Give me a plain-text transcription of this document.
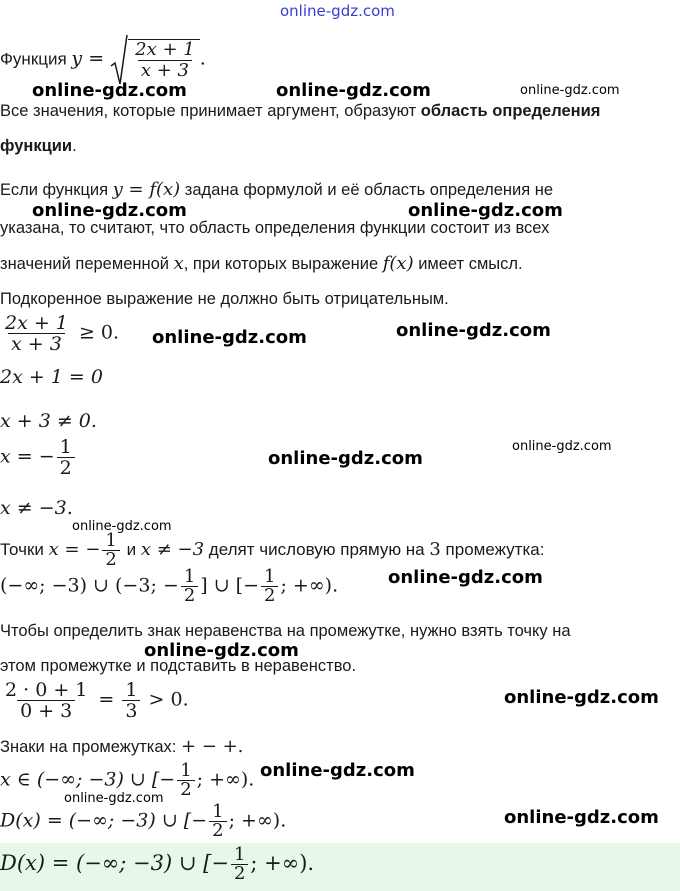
online-gdz.com
Функция $y = \frac{2x + 1}{x + 3}$ .
Все значения, которые принимает аргумент, образуют область определения
функции.
Если функция y = f(x) задана формулой и её область определения не
указана, то считают, что область определения функции состоит из всех
значений переменной x, при которых выражение f(x) имеет смысл.
Подкоренное выражение не должно быть отрицательным.
$\frac{2x + 1}{x + 3} \ge 0$.
2x + 1 = 0
x + 3 ≠ 0.
x = − $\frac{1}{2}$
x ≠ −3.
Точки x = − $\frac{1}{2}$ и x ≠ −3 делят числовую прямую на 3 промежутка:
(−∞; −3) ∪ (−3; − $\frac{1}{2}$ ] ∪ [− $\frac{1}{2}$ ; +∞).
Чтобы определить знак неравенства на промежутке, нужно взять точку на
этом промежутке и подставить в неравенство.
$\frac{2 \cdot 0 + 1}{0 + 3} = \frac{1}{3} > 0$.
Знаки на промежутках: + − +.
x ∈ (−∞; −3) ∪ [− $\frac{1}{2}$ ; +∞).
D(x) = (−∞; −3) ∪ [− $\frac{1}{2}$ ; +∞).
D(x) = (−∞; −3) ∪ [− $\frac{1}{2}$ ; +∞).
online-gdz.com	online-gdz.com	online-gdz.com
online-gdz.com	online-gdz.com
online-gdz.com	online-gdz.com
online-gdz.com
online-gdz.com
online-gdz.com
online-gdz.com
online-gdz.com
online-gdz.com
online-gdz.com
online-gdz.com
online-gdz.com
